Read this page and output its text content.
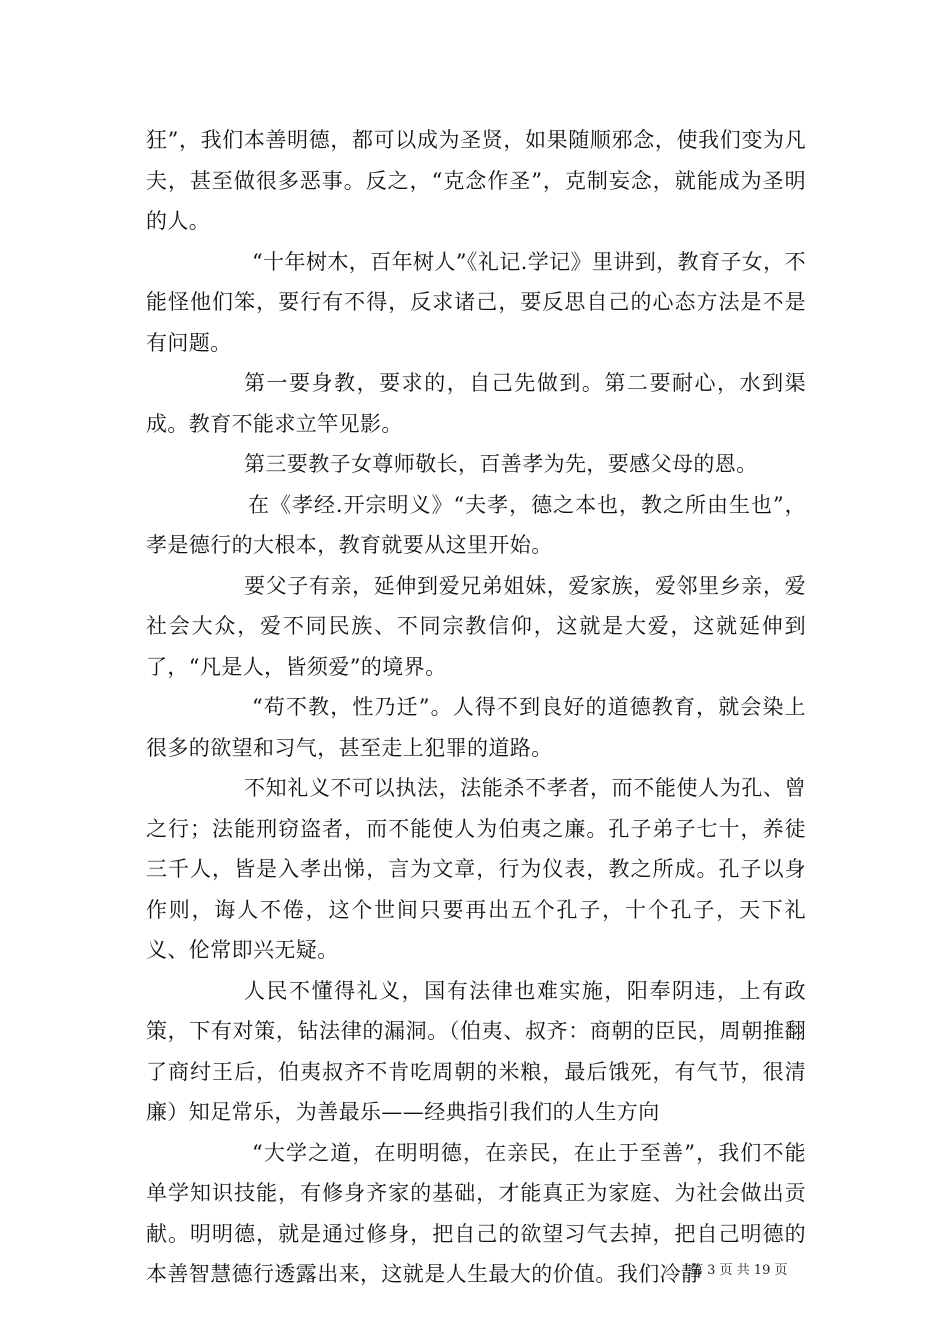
狂”，我们本善明德，都可以成为圣贤，如果随顺邪念，使我们变为凡夫，甚至做很多恶事。反之，“克念作圣”，克制妄念，就能成为圣明的人。

“十年树木，百年树人”《礼记.学记》里讲到，教育子女，不能怪他们笨，要行有不得，反求诸己，要反思自己的心态方法是不是有问题。

第一要身教，要求的，自己先做到。第二要耐心，水到渠成。教育不能求立竿见影。

第三要教子女尊师敬长，百善孝为先，要感父母的恩。

在《孝经.开宗明义》“夫孝，德之本也，教之所由生也”，孝是德行的大根本，教育就要从这里开始。

要父子有亲，延伸到爱兄弟姐妹，爱家族，爱邻里乡亲，爱社会大众，爱不同民族、不同宗教信仰，这就是大爱，这就延伸到了，“凡是人，皆须爱”的境界。

“苟不教，性乃迁”。人得不到良好的道德教育，就会染上很多的欲望和习气，甚至走上犯罪的道路。

不知礼义不可以执法，法能杀不孝者，而不能使人为孔、曾之行；法能刑窃盗者，而不能使人为伯夷之廉。孔子弟子七十，养徒三千人，皆是入孝出悌，言为文章，行为仪表，教之所成。孔子以身作则，诲人不倦，这个世间只要再出五个孔子，十个孔子，天下礼义、伦常即兴无疑。

人民不懂得礼义，国有法律也难实施，阳奉阴违，上有政策，下有对策，钻法律的漏洞。（伯夷、叔齐：商朝的臣民，周朝推翻了商纣王后，伯夷叔齐不肯吃周朝的米粮，最后饿死，有气节，很清廉）知足常乐，为善最乐——经典指引我们的人生方向

“大学之道，在明明德，在亲民，在止于至善”，我们不能单学知识技能，有修身齐家的基础，才能真正为家庭、为社会做出贡献。明明德，就是通过修身，把自己的欲望习气去掉，把自己明德的本善智慧德行透露出来，这就是人生最大的价值。我们冷静

第 3 页 共 19 页
